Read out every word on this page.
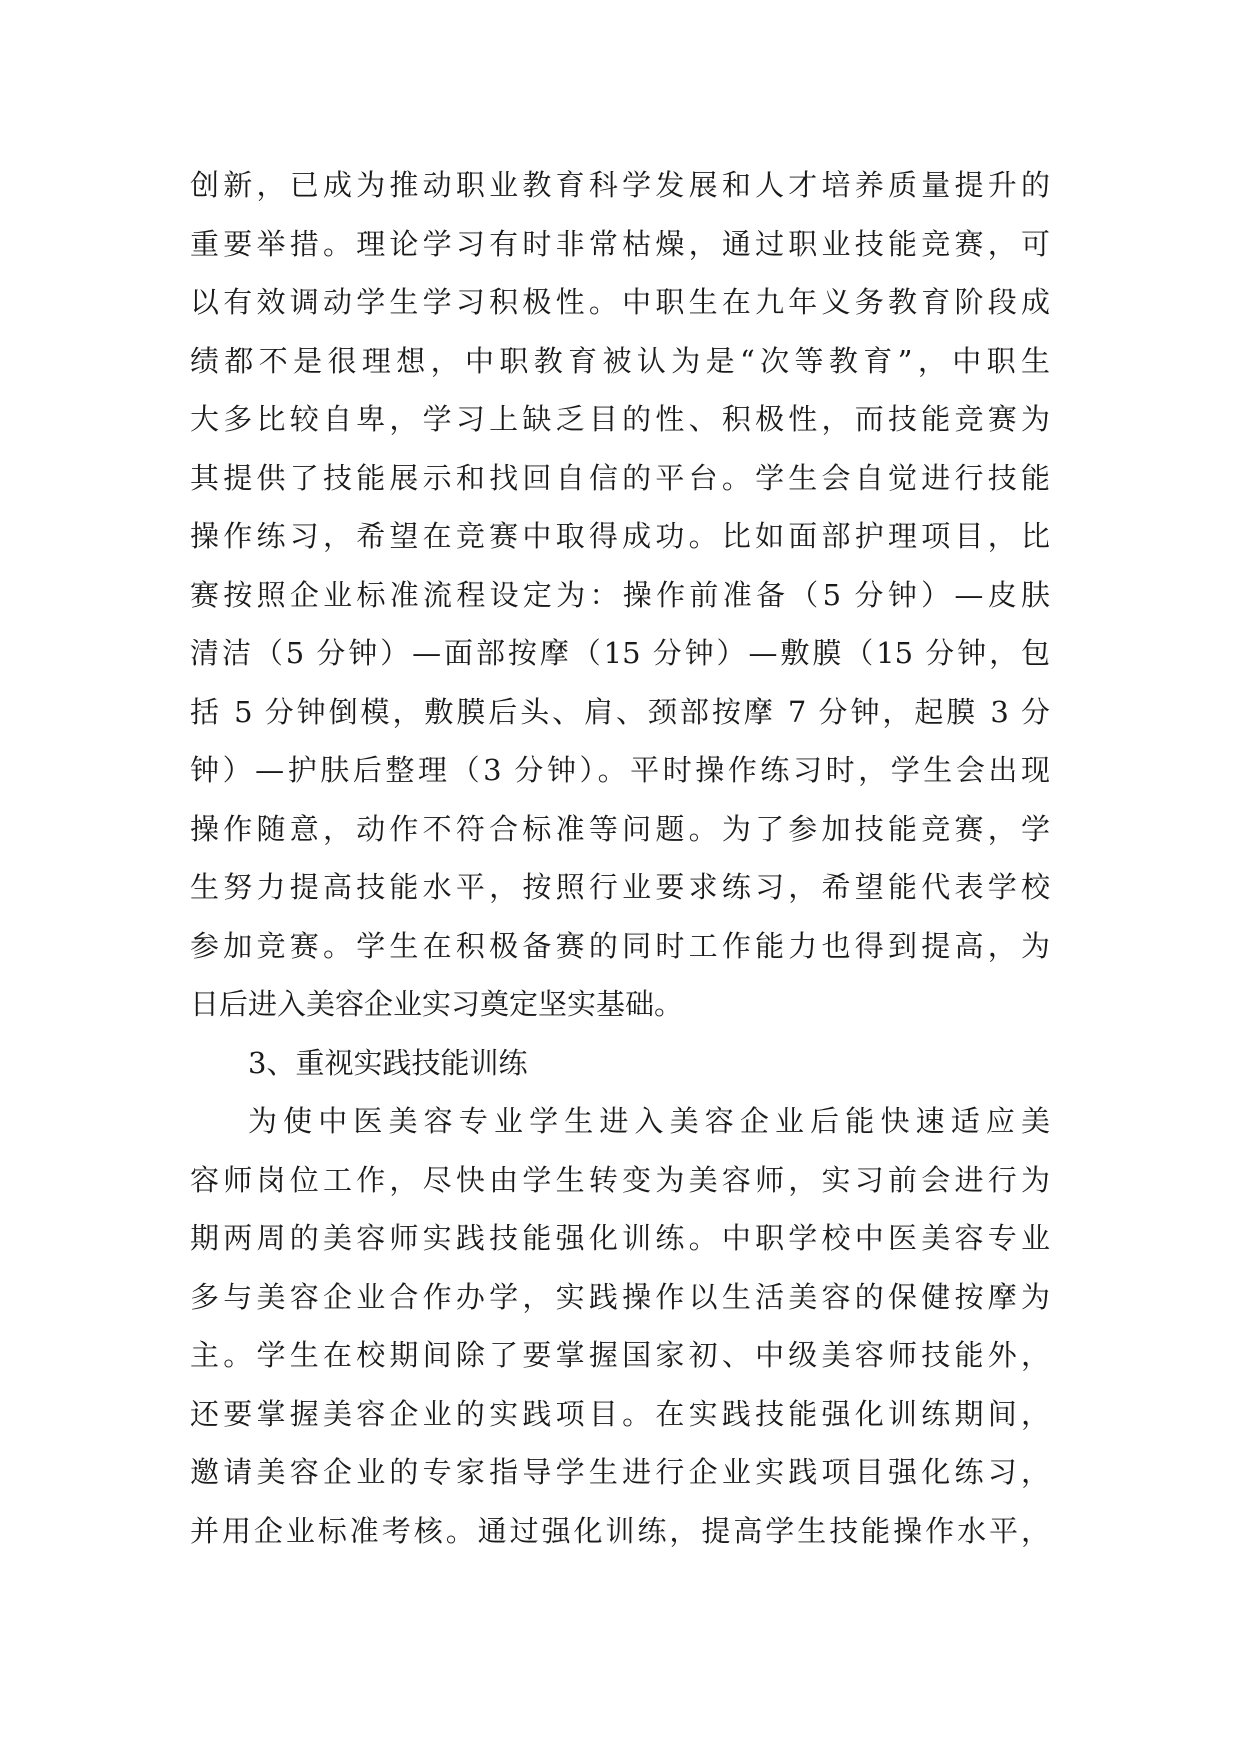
创新，已成为推动职业教育科学发展和人才培养质量提升的
重要举措。理论学习有时非常枯燥，通过职业技能竞赛，可
以有效调动学生学习积极性。中职生在九年义务教育阶段成
绩都不是很理想，中职教育被认为是“次等教育”，中职生
大多比较自卑，学习上缺乏目的性、积极性，而技能竞赛为
其提供了技能展示和找回自信的平台。学生会自觉进行技能
操作练习，希望在竞赛中取得成功。比如面部护理项目，比
赛按照企业标准流程设定为：操作前准备（5 分钟）—皮肤
清洁（5 分钟）—面部按摩（15 分钟）—敷膜（15 分钟，包
括 5 分钟倒模，敷膜后头、肩、颈部按摩 7 分钟，起膜 3 分
钟）—护肤后整理（3 分钟）。平时操作练习时，学生会出现
操作随意，动作不符合标准等问题。为了参加技能竞赛，学
生努力提高技能水平，按照行业要求练习，希望能代表学校
参加竞赛。学生在积极备赛的同时工作能力也得到提高，为
日后进入美容企业实习奠定坚实基础。
3、重视实践技能训练
为使中医美容专业学生进入美容企业后能快速适应美
容师岗位工作，尽快由学生转变为美容师，实习前会进行为
期两周的美容师实践技能强化训练。中职学校中医美容专业
多与美容企业合作办学，实践操作以生活美容的保健按摩为
主。学生在校期间除了要掌握国家初、中级美容师技能外，
还要掌握美容企业的实践项目。在实践技能强化训练期间，
邀请美容企业的专家指导学生进行企业实践项目强化练习，
并用企业标准考核。通过强化训练，提高学生技能操作水平，
